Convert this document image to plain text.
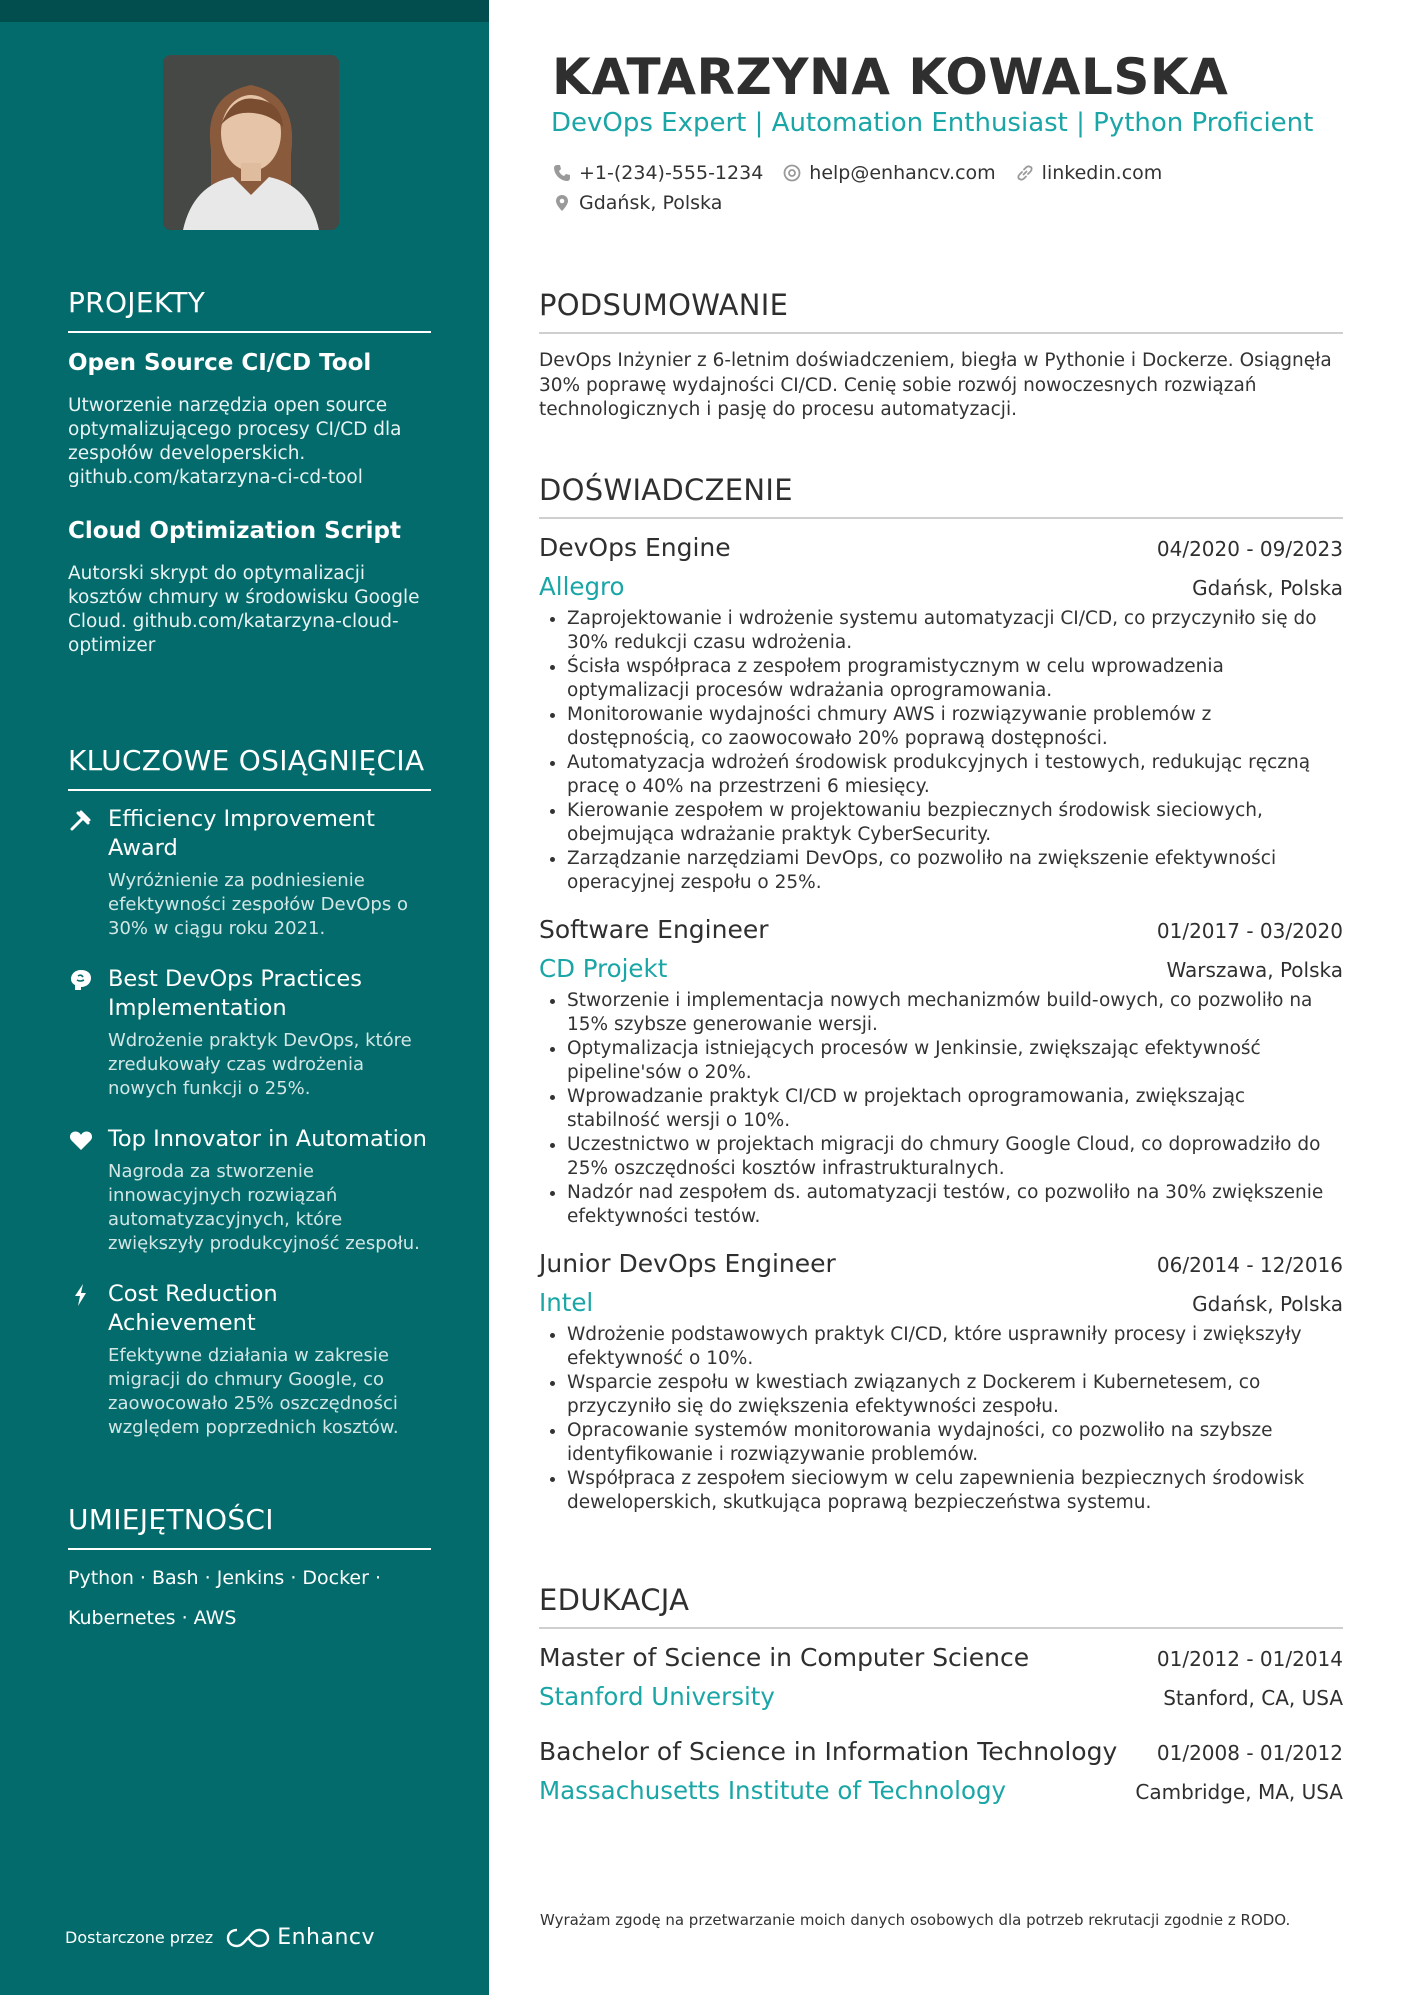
PROJEKTY

Open Source CI/CD Tool

Utworzenie narzędzia open source optymalizującego procesy CI/CD dla zespołów developerskich. github.com/katarzyna-ci-cd-tool

Cloud Optimization Script

Autorski skrypt do optymalizacji kosztów chmury w środowisku Google Cloud. github.com/katarzyna-cloud-optimizer

KLUCZOWE OSIĄGNIĘCIA

Efficiency Improvement Award

Wyróżnienie za podniesienie efektywności zespołów DevOps o 30% w ciągu roku 2021.

Best DevOps Practices Implementation

Wdrożenie praktyk DevOps, które zredukowały czas wdrożenia nowych funkcji o 25%.

Top Innovator in Automation

Nagroda za stworzenie innowacyjnych rozwiązań automatyzacyjnych, które zwiększyły produkcyjność zespołu.

Cost Reduction Achievement

Efektywne działania w zakresie migracji do chmury Google, co zaowocowało 25% oszczędności względem poprzednich kosztów.

UMIEJĘTNOŚCI
Python · Bash · Jenkins · Docker ·
Kubernetes · AWS
Dostarczone przez	Enhancv
KATARZYNA KOWALSKA
DevOps Expert | Automation Enthusiast | Python Proficient
+1-(234)-555-1234 help@enhancv.com linkedin.com
Gdańsk, Polska
PODSUMOWANIE
DevOps Inżynier z 6-letnim doświadczeniem, biegła w Pythonie i Dockerze. Osiągnęła 30% poprawę wydajności CI/CD. Cenię sobie rozwój nowoczesnych rozwiązań technologicznych i pasję do procesu automatyzacji.
DOŚWIADCZENIE
DevOps Engine	04/2020 - 09/2023
Allegro	Gdańsk, Polska
• Zaprojektowanie i wdrożenie systemu automatyzacji CI/CD, co przyczyniło się do 30% redukcji czasu wdrożenia.
• Ścisła współpraca z zespołem programistycznym w celu wprowadzenia optymalizacji procesów wdrażania oprogramowania.
• Monitorowanie wydajności chmury AWS i rozwiązywanie problemów z dostępnością, co zaowocowało 20% poprawą dostępności.
• Automatyzacja wdrożeń środowisk produkcyjnych i testowych, redukując ręczną pracę o 40% na przestrzeni 6 miesięcy.
• Kierowanie zespołem w projektowaniu bezpiecznych środowisk sieciowych, obejmująca wdrażanie praktyk CyberSecurity.
• Zarządzanie narzędziami DevOps, co pozwoliło na zwiększenie efektywności operacyjnej zespołu o 25%.
Software Engineer	01/2017 - 03/2020
CD Projekt	Warszawa, Polska
• Stworzenie i implementacja nowych mechanizmów build-owych, co pozwoliło na 15% szybsze generowanie wersji.
• Optymalizacja istniejących procesów w Jenkinsie, zwiększając efektywność pipeline'sów o 20%.
• Wprowadzanie praktyk CI/CD w projektach oprogramowania, zwiększając stabilność wersji o 10%.
• Uczestnictwo w projektach migracji do chmury Google Cloud, co doprowadziło do 25% oszczędności kosztów infrastrukturalnych.
• Nadzór nad zespołem ds. automatyzacji testów, co pozwoliło na 30% zwiększenie efektywności testów.
Junior DevOps Engineer	06/2014 - 12/2016
Intel	Gdańsk, Polska
• Wdrożenie podstawowych praktyk CI/CD, które usprawniły procesy i zwiększyły efektywność o 10%.
• Wsparcie zespołu w kwestiach związanych z Dockerem i Kubernetesem, co przyczyniło się do zwiększenia efektywności zespołu.
• Opracowanie systemów monitorowania wydajności, co pozwoliło na szybsze identyfikowanie i rozwiązywanie problemów.
• Współpraca z zespołem sieciowym w celu zapewnienia bezpiecznych środowisk deweloperskich, skutkująca poprawą bezpieczeństwa systemu.
EDUKACJA
Master of Science in Computer Science	01/2012 - 01/2014
Stanford University	Stanford, CA, USA
Bachelor of Science in Information Technology 01/2008 - 01/2012
Massachusetts Institute of Technology	Cambridge, MA, USA
Wyrażam zgodę na przetwarzanie moich danych osobowych dla potrzeb rekrutacji zgodnie z RODO.
